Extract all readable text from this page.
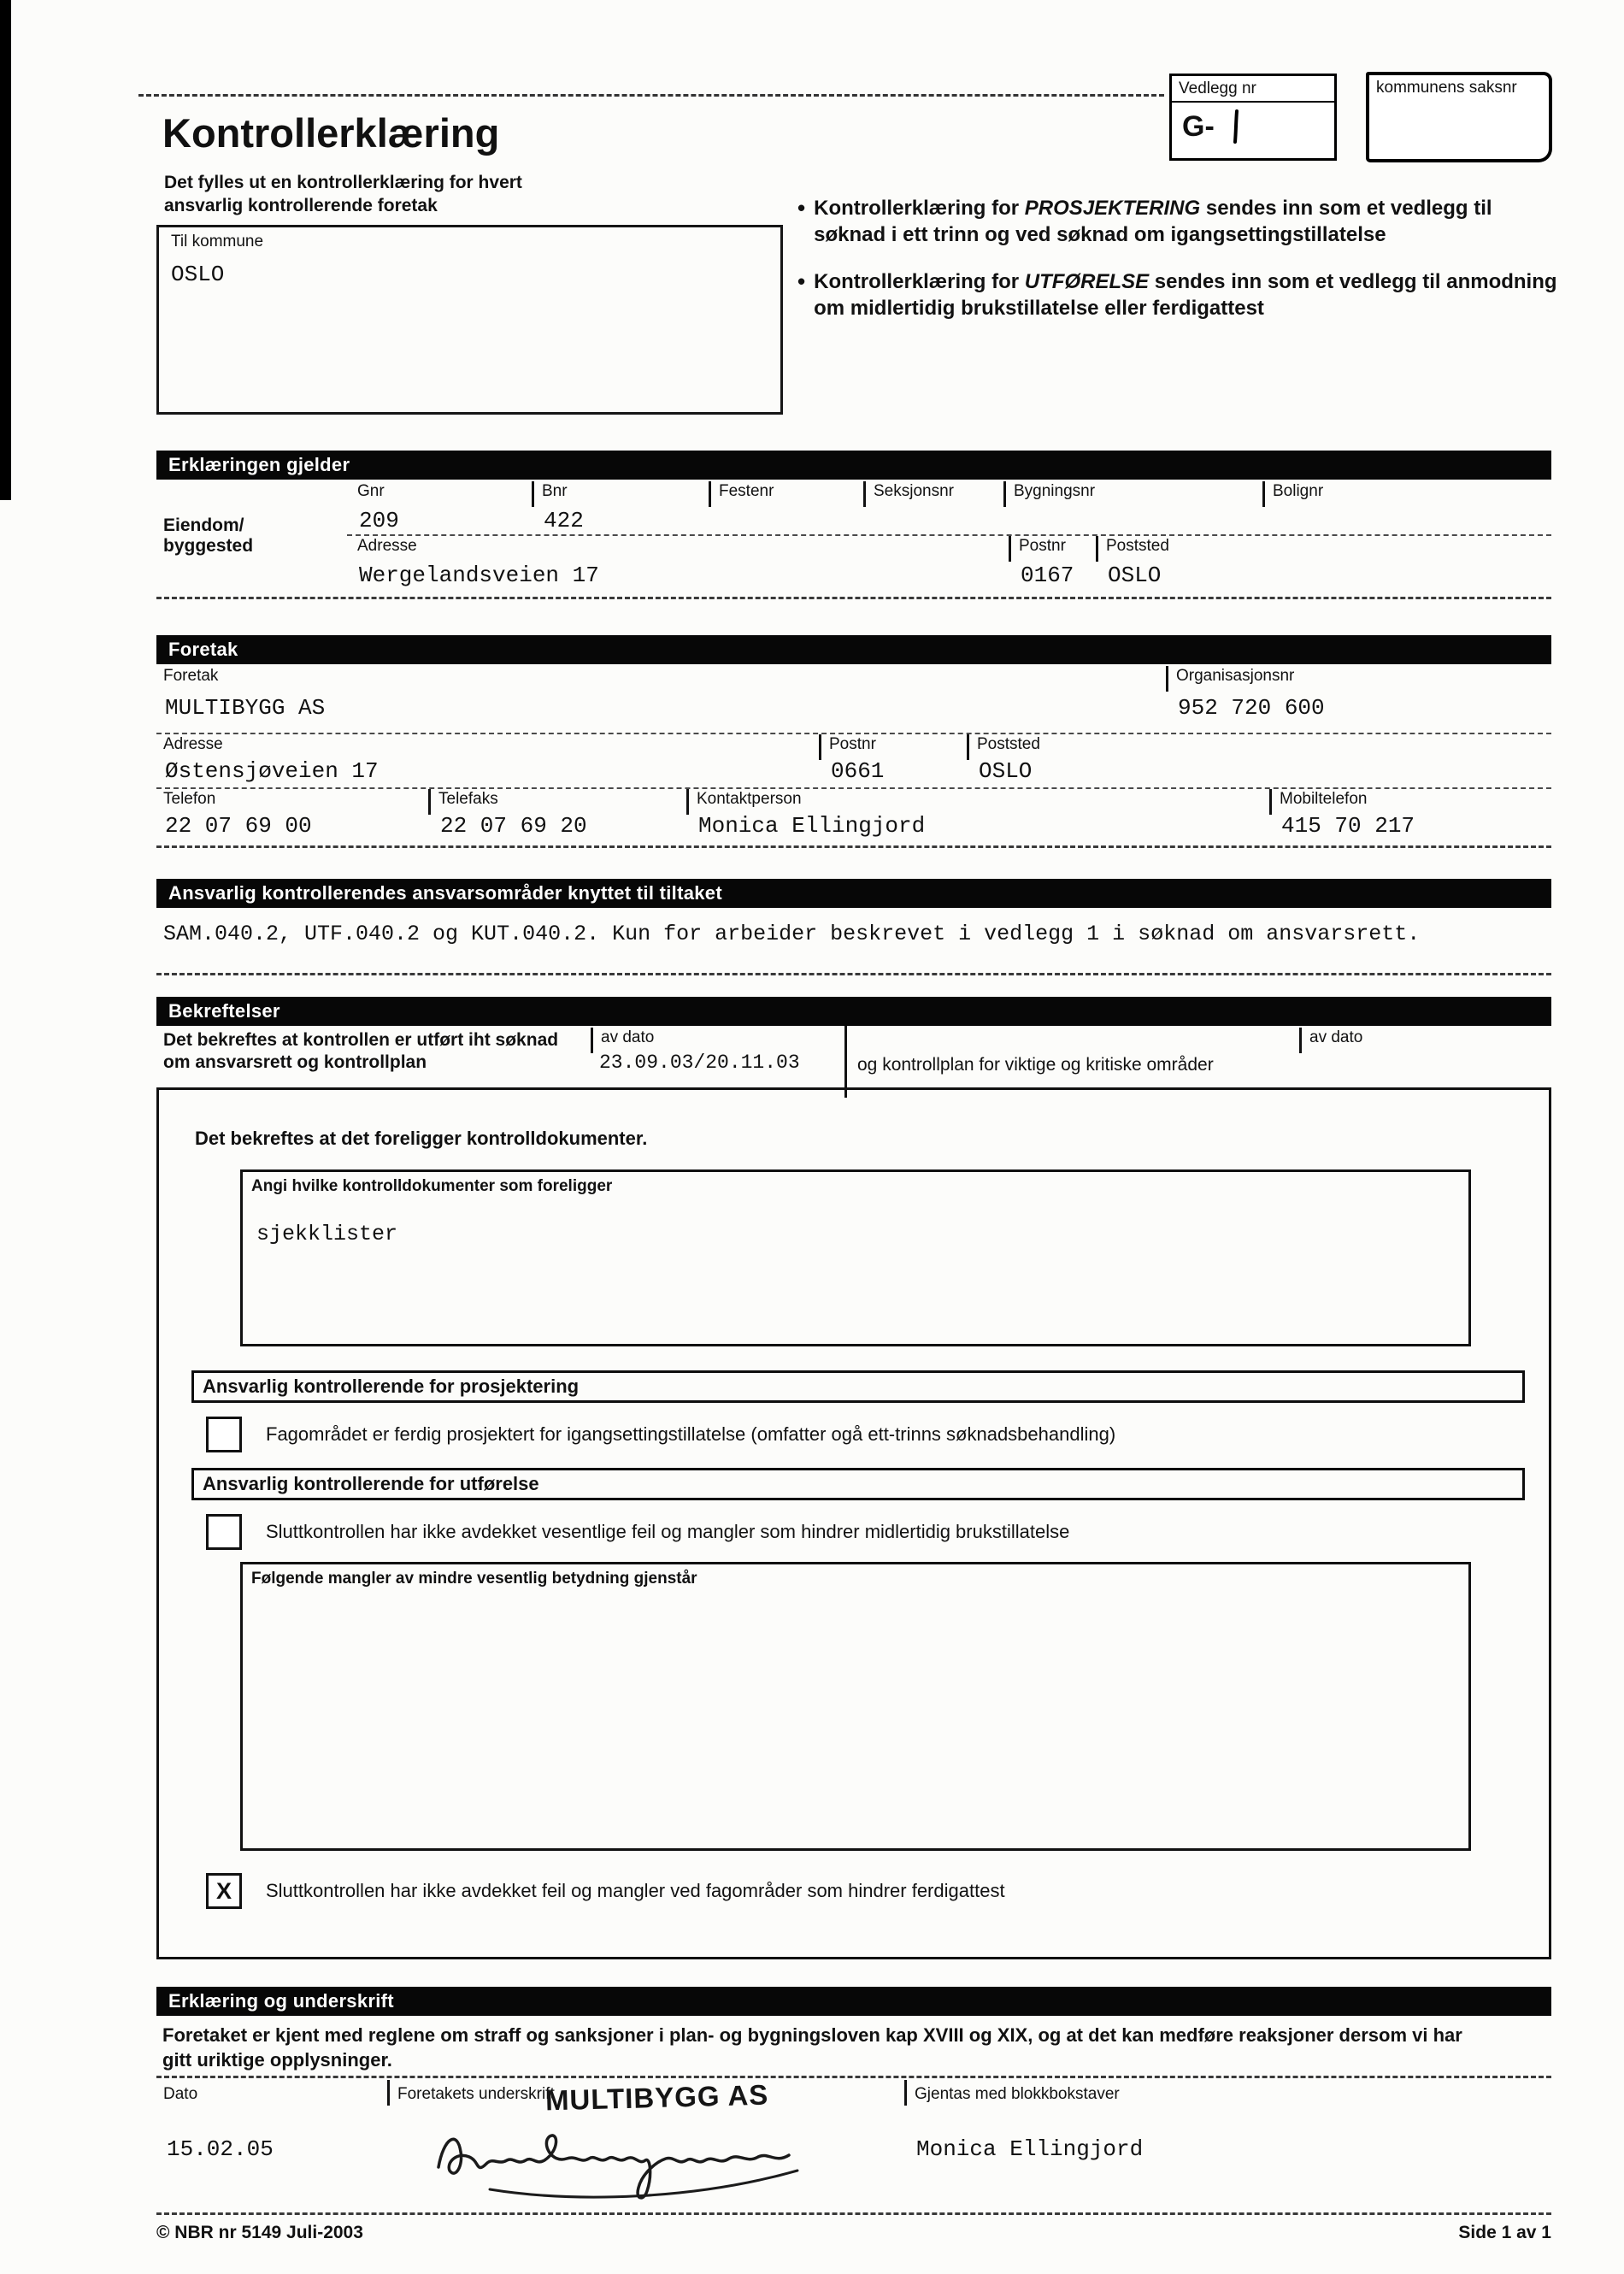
Vedlegg nr
G-
kommunens saksnr
Kontrollerklæring
Det fylles ut en kontrollerklæring for hvert ansvarlig kontrollerende foretak
Til kommune
OSLO
• Kontrollerklæring for PROSJEKTERING sendes inn som et vedlegg til søknad i ett trinn og ved søknad om igangsettingstillatelse
• Kontrollerklæring for UTFØRELSE sendes inn som et vedlegg til anmodning om midlertidig brukstillatelse eller ferdigattest
Erklæringen gjelder
Eiendom/
byggested
Gnr
209
Bnr
422
Festenr	Seksjonsnr	Bygningsnr	Bolignr
Adresse
Wergelandsveien 17
Postnr
0167
Poststed
OSLO
Foretak
Foretak
MULTIBYGG AS
Organisasjonsnr
952 720 600
Adresse
Østensjøveien 17
Postnr
0661
Poststed
OSLO
Telefon
22 07 69 00
Telefaks
22 07 69 20
Kontaktperson
Monica Ellingjord
Mobiltelefon
415 70 217
Ansvarlig kontrollerendes ansvarsområder knyttet til tiltaket
SAM.040.2, UTF.040.2 og KUT.040.2. Kun for arbeider beskrevet i vedlegg 1 i søknad om ansvarsrett.
Bekreftelser
Det bekreftes at kontrollen er utført iht søknad om ansvarsrett og kontrollplan
av dato
23.09.03/20.11.03	og kontrollplan for viktige og kritiske områder
av dato
Det bekreftes at det foreligger kontrolldokumenter.
Angi hvilke kontrolldokumenter som foreligger
sjekklister
Ansvarlig kontrollerende for prosjektering
Fagområdet er ferdig prosjektert for igangsettingstillatelse (omfatter ogå ett-trinns søknadsbehandling)
Ansvarlig kontrollerende for utførelse
Sluttkontrollen har ikke avdekket vesentlige feil og mangler som hindrer midlertidig brukstillatelse
Følgende mangler av mindre vesentlig betydning gjenstår
X Sluttkontrollen har ikke avdekket feil og mangler ved fagområder som hindrer ferdigattest
Erklæring og underskrift
Foretaket er kjent med reglene om straff og sanksjoner i plan- og bygningsloven kap XVIII og XIX, og at det kan medføre reaksjoner dersom vi har gitt uriktige opplysninger.
Dato
15.02.05
Foretakets underskrift
MULTIBYGG AS	Gjentas med blokkbokstaver
Monica Ellingjord
© NBR nr 5149 Juli-2003	Side 1 av 1
